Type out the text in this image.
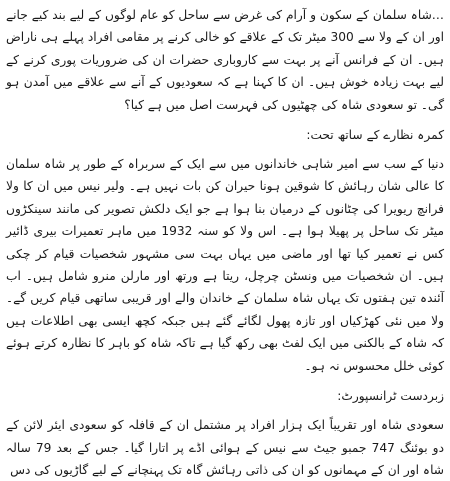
…شاہ سلمان کے سکون و آرام کی غرض سے ساحل کو عام لوگوں کے لیے بند کیے جانے اور ان کے ولا سے 300 میٹر تک کے علاقے کو خالی کرنے پر مقامی افراد پہلے ہی ناراض ہیں۔ ان کے فرانس آنے پر بہت سے کاروباری حضرات ان کی ضروریات پوری کرنے کے لیے بہت زیادہ خوش ہیں۔ ان کا کہنا ہے کہ سعودیوں کے آنے سے علاقے میں آمدن ہو گی۔ تو سعودی شاہ کی چھٹیوں کی فہرست اصل میں ہے کیا؟

کمرہ نظارے کے ساتھ تحت:

دنیا کے سب سے امیر شاہی خاندانوں میں سے ایک کے سربراہ کے طور پر شاہ سلمان کا عالی شان رہائش کا شوقین ہونا حیران کن بات نہیں ہے۔ ولیر نیس میں ان کا ولا فرانچ ریویرا کی چٹانوں کے درمیان بنا ہوا ہے جو ایک دلکش تصویر کی مانند سینکڑوں میٹر تک ساحل پر پھیلا ہوا ہے۔ اس ولا کو سنہ 1932 میں ماہر تعمیرات بیری ڈائیر کس نے تعمیر کیا تھا اور ماضی میں یہاں بہت سی مشہور شخصیات قیام کر چکی ہیں۔ ان شخصیات میں ونسٹن چرچل، ریتا ہے ورتھ اور مارلن منرو شامل ہیں۔ اب آئندہ تین ہفتوں تک یہاں شاہ سلمان کے خاندان والے اور قریبی ساتھی قیام کریں گے۔ ولا میں نئی کھڑکیاں اور تازہ پھول لگائے گئے ہیں جبکہ کچھ ایسی بھی اطلاعات ہیں کہ شاہ کے بالکنی میں ایک لفٹ بھی رکھ گیا ہے تاکہ شاہ کو باہر کا نظارہ کرتے ہوئے کوئی خلل محسوس نہ ہو۔

زبردست ٹرانسپورٹ:

سعودی شاہ اور تقریباً ایک ہزار افراد پر مشتمل ان کے قافلہ کو سعودی ایئر لائن کے دو بوئنگ 747 جمبو جیٹ سے نیس کے ہوائی اڈے پر اتارا گیا۔ جس کے بعد 79 سالہ شاہ اور ان کے مہمانوں کو ان کی ذاتی رہائش گاہ تک پہنچانے کے لیے گاڑیوں کی دس
